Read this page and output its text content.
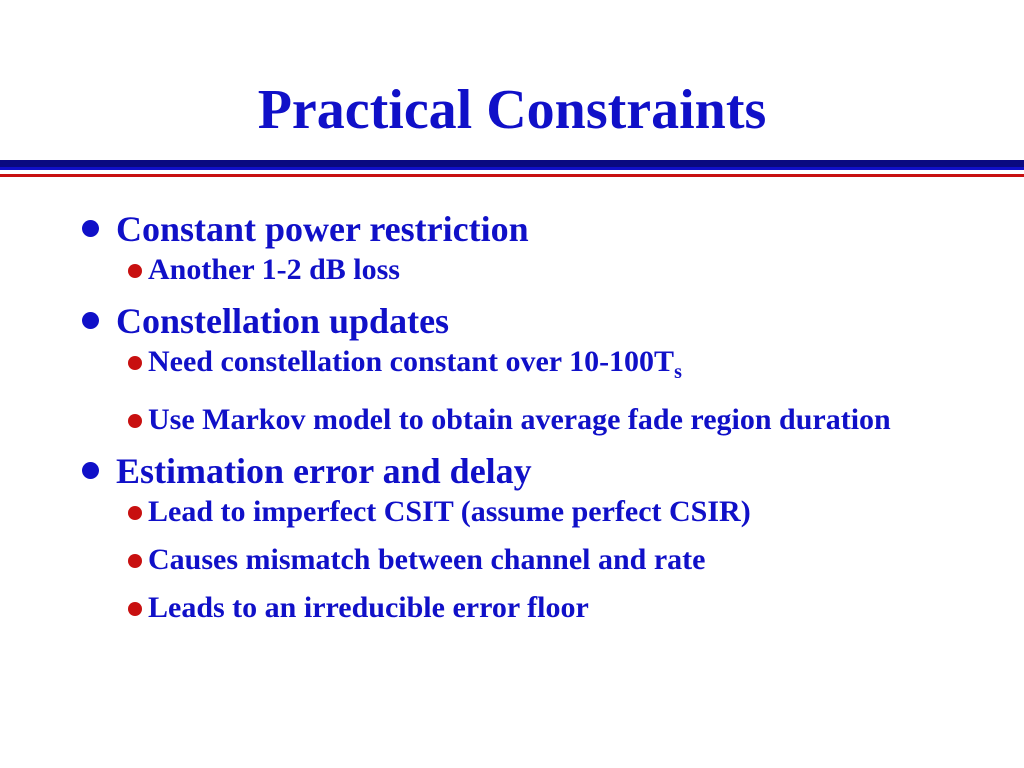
Practical Constraints
Constant power restriction
Another 1-2 dB loss
Constellation updates
Need constellation constant over $10-100T_s$
Use Markov model to obtain average fade region duration
Estimation error and delay
Lead to imperfect CSIT (assume perfect CSIR)
Causes mismatch between channel and rate
Leads to an irreducible error floor
